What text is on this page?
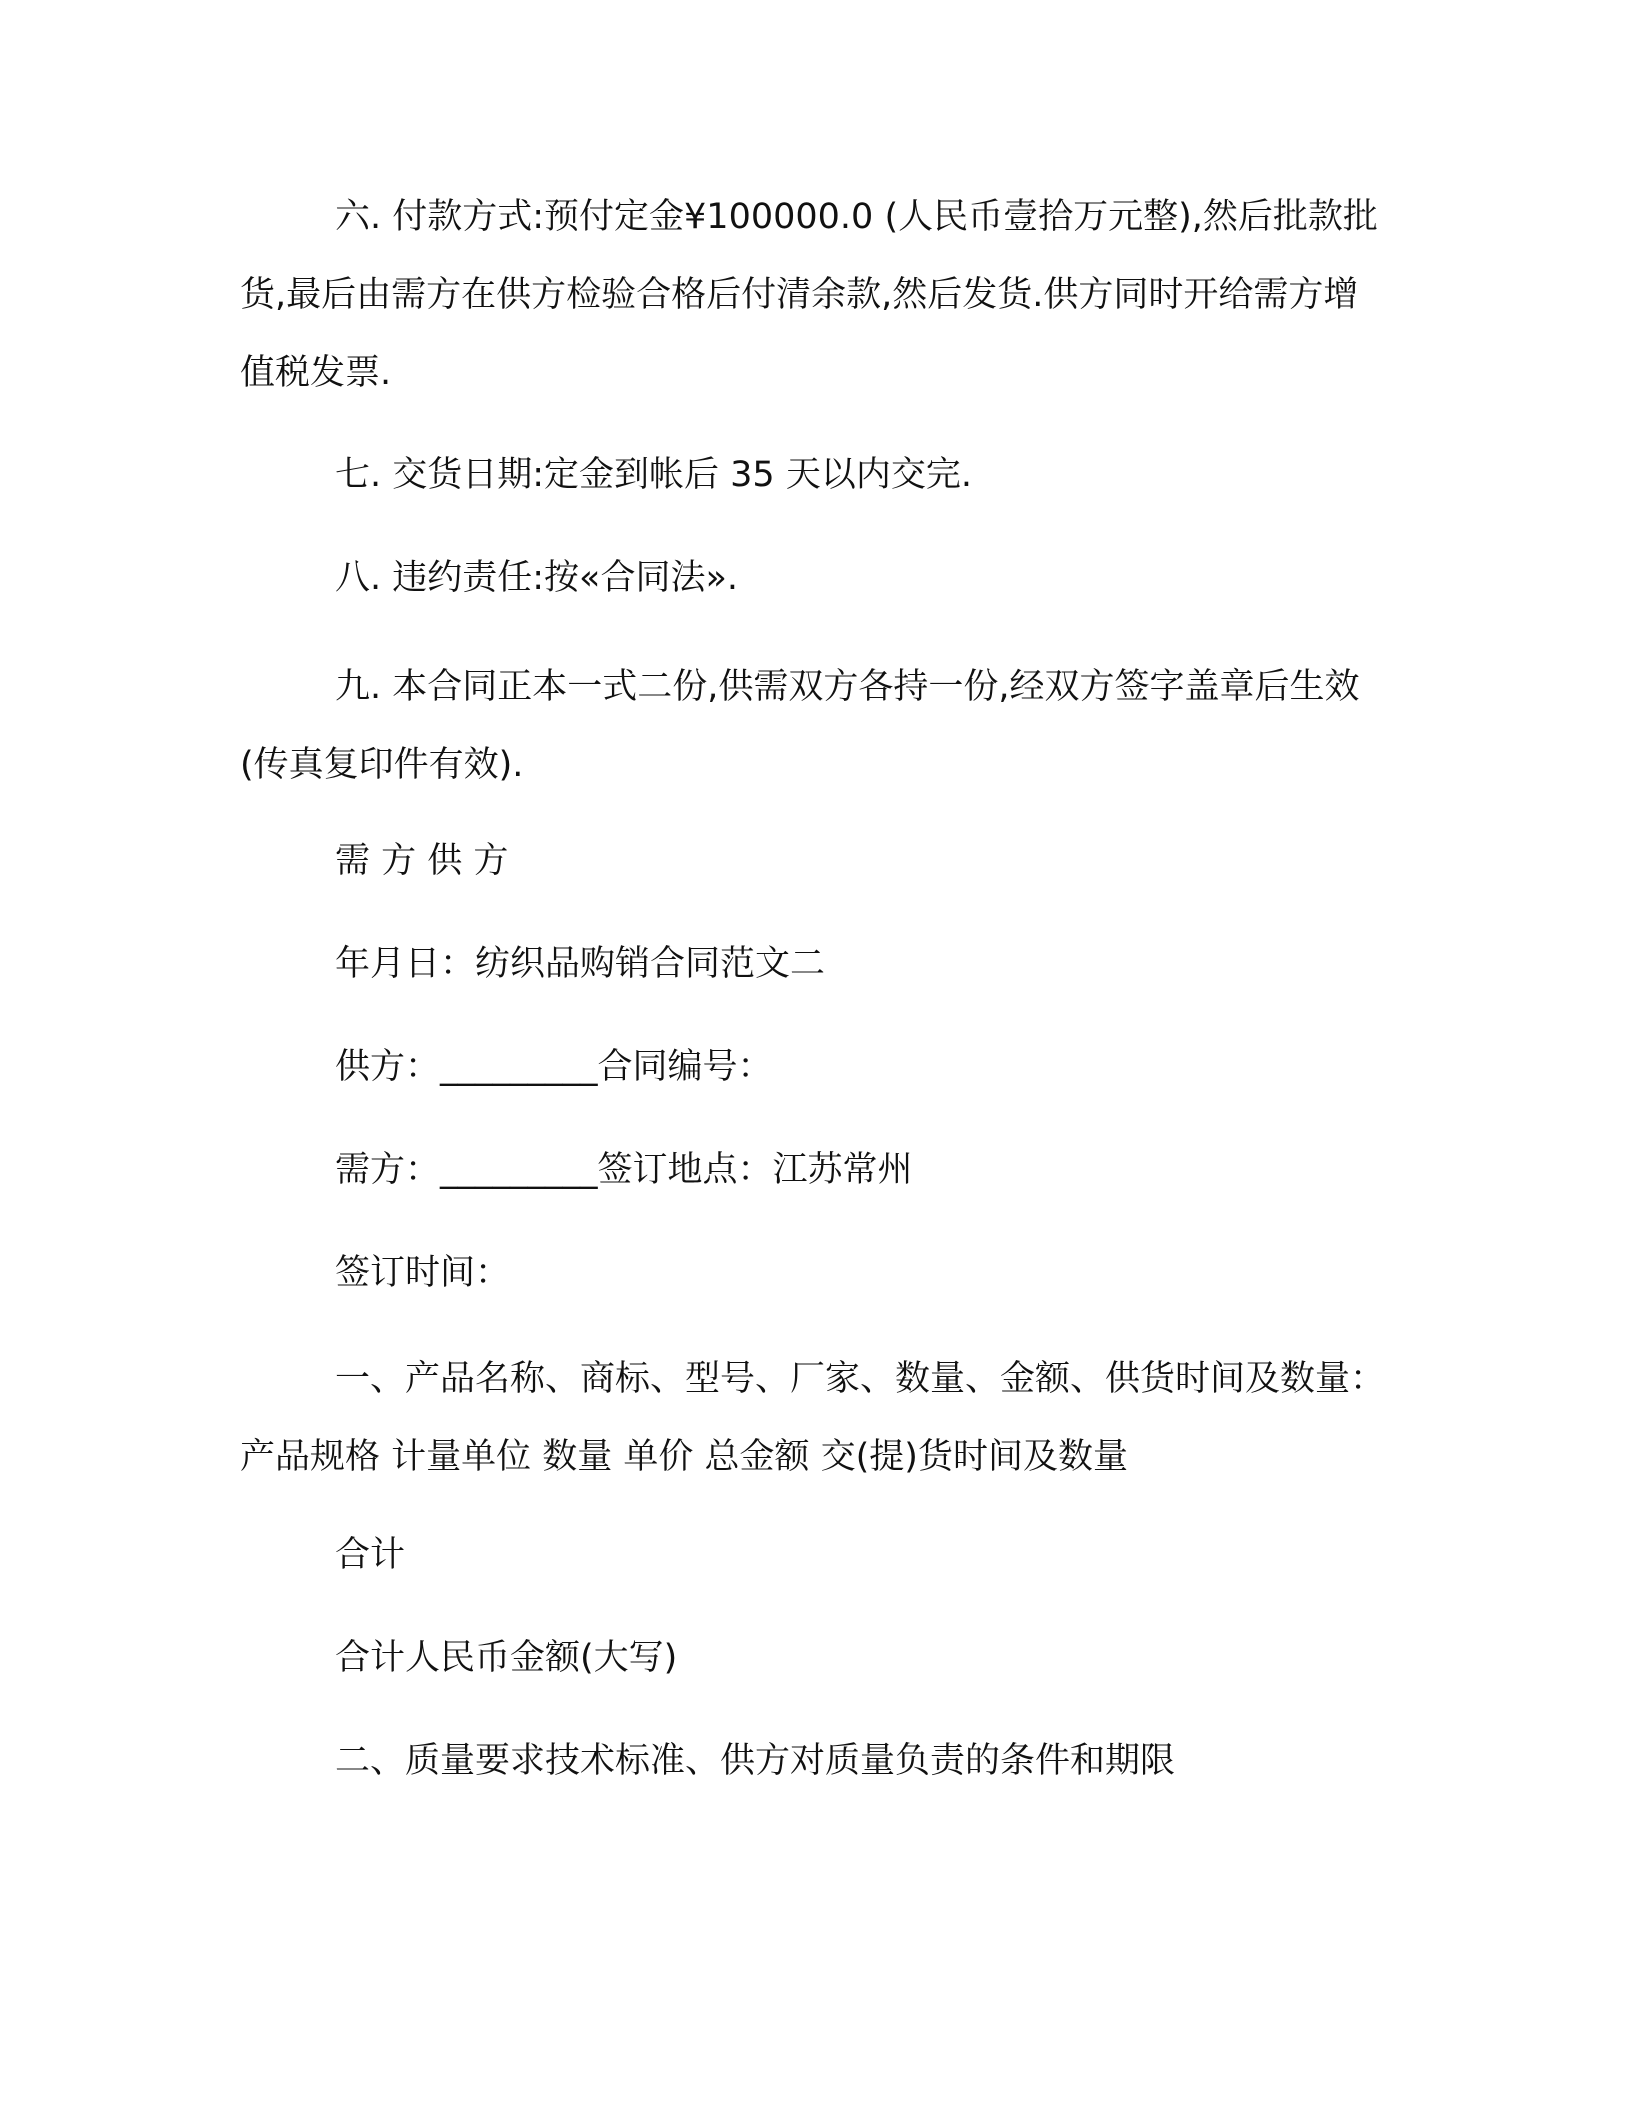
六. 付款方式:预付定金¥100000.0 (人民币壹拾万元整),然后批款批货,最后由需方在供方检验合格后付清余款,然后发货.供方同时开给需方增值税发票.
七. 交货日期:定金到帐后 35 天以内交完.
八. 违约责任:按«合同法».
九. 本合同正本一式二份,供需双方各持一份,经双方签字盖章后生效(传真复印件有效).
需 方 供 方
年月日：纺织品购销合同范文二
供方：_________合同编号：
需方：_________签订地点：江苏常州
签订时间：
一、产品名称、商标、型号、厂家、数量、金额、供货时间及数量： 产品规格 计量单位 数量 单价 总金额 交(提)货时间及数量
合计
合计人民币金额(大写)
二、质量要求技术标准、供方对质量负责的条件和期限
